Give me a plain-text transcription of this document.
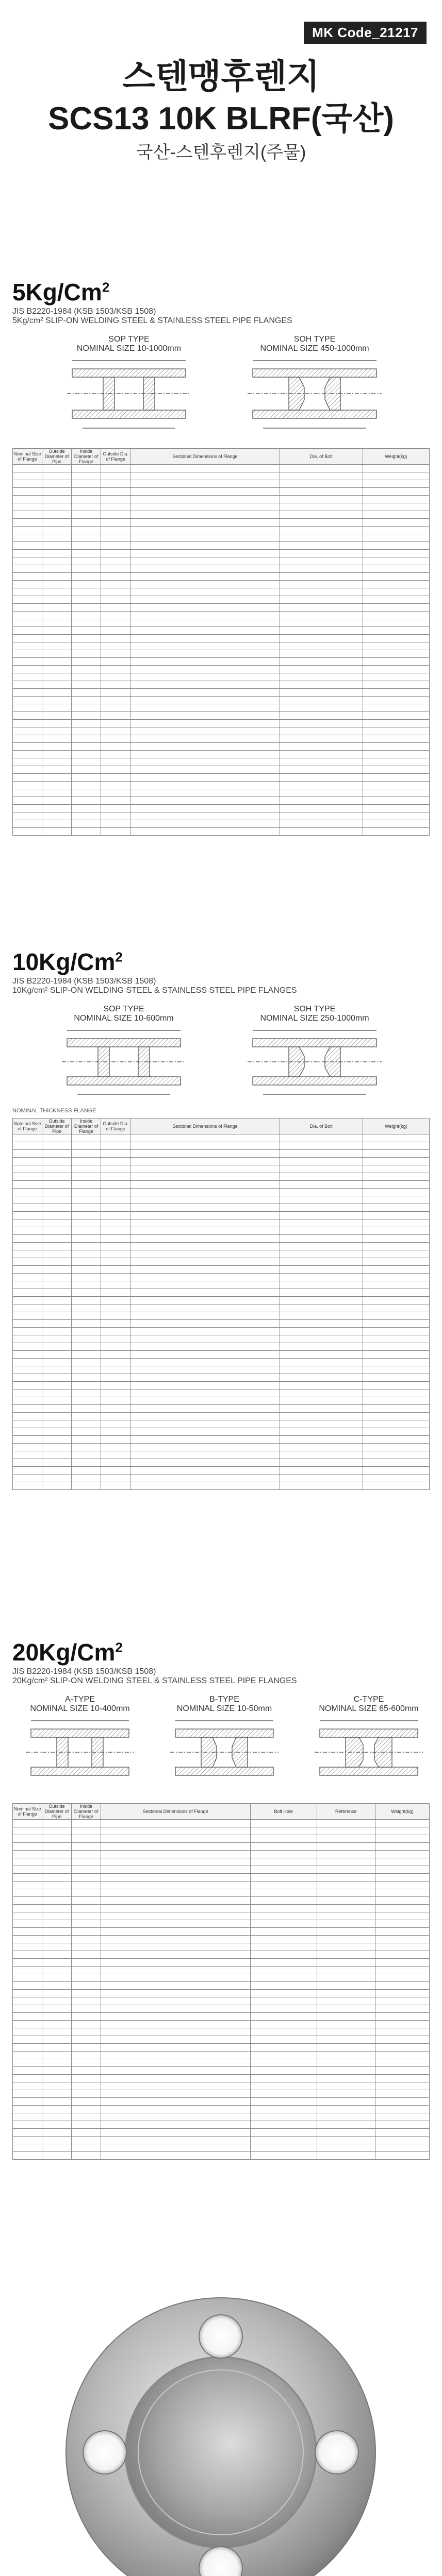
MK Code_21217
스텐맹후렌지
SCS13 10K BLRF(국산)
국산-스텐후렌지(주물)
5Kg/Cm$^2$
JIS B2220-1984 (KSB 1503/KSB 1508)
5Kg/cm² SLIP-ON WELDING STEEL & STAINLESS STEEL PIPE FLANGES
SOP TYPE
NOMINAL SIZE 10-1000mm
SOH TYPE
NOMINAL SIZE 450-1000mm
Nominal Size of Flange	Outside Diameter of Pipe	Inside Diameter of Flange	Outside Dia. of Flange	Sectional Dimensions of Flange	Dia. of Bolt	Weight(kg)

10Kg/Cm$^2$
JIS B2220-1984 (KSB 1503/KSB 1508)
10Kg/cm² SLIP-ON WELDING STEEL & STAINLESS STEEL PIPE FLANGES
SOP TYPE
NOMINAL SIZE 10-600mm
SOH TYPE
NOMINAL SIZE 250-1000mm
NOMINAL THICKNESS FLANGE
Nominal Size of Flange	Outside Diameter of Pipe	Inside Diameter of Flange	Outside Dia. of Flange	Sectional Dimensions of Flange	Dia. of Bolt	Weight(kg)

20Kg/Cm$^2$
JIS B2220-1984 (KSB 1503/KSB 1508)
20Kg/cm² SLIP-ON WELDING STEEL & STAINLESS STEEL PIPE FLANGES
A-TYPE
NOMINAL SIZE 10-400mm
B-TYPE
NOMINAL SIZE 10-50mm
C-TYPE
NOMINAL SIZE 65-600mm
Nominal Size of Flange	Outside Diameter of Pipe	Inside Diameter of Flange	Sectional Dimensions of Flange	Bolt Hole	Reference	Weight(kg)
